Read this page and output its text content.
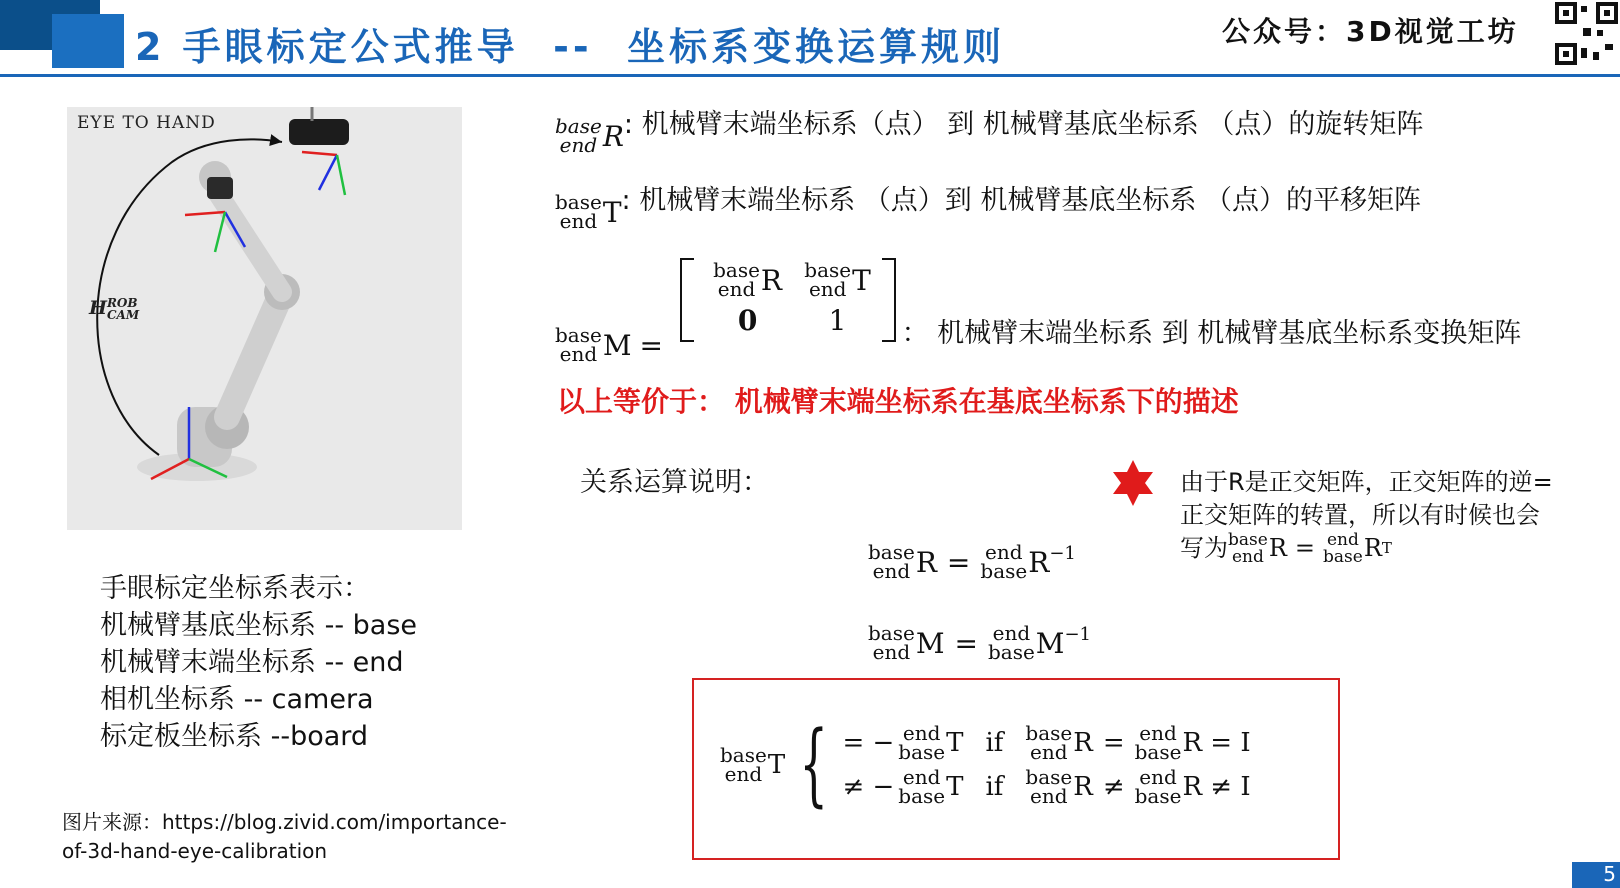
2 手眼标定公式推导  --  坐标系变换运算规则	公众号：3D视觉工坊
EYE TO HAND
H ROB
CAM
base
end R : 机械臂末端坐标系（点） 到 机械臂基底坐标系 （点）的旋转矩阵
base
end T : 机械臂末端坐标系 （点）到 机械臂基底坐标系 （点）的平移矩阵
base
end M =

base
end R base
end T
0	1 ： 机械臂末端坐标系 到 机械臂基底坐标系变换矩阵
以上等价于： 机械臂末端坐标系在基底坐标系下的描述
关系运算说明：
base
end R = end
base $R^{-1}$
base
end M = end
base $M^{-1}$
由于R是正交矩阵，正交矩阵的逆=
正交矩阵的转置，所以有时候也会
写为 base
end R = end
base R T
base
end T { = − end
base T if base
end R = end
base R = I
≠ − end
base T if base
end R ≠ end
base R ≠ I
手眼标定坐标系表示：
机械臂基底坐标系 -- base
机械臂末端坐标系 -- end
相机坐标系 -- camera
标定板坐标系 --board
图片来源：https://blog.zivid.com/importance-
of-3d-hand-eye-calibration
5
